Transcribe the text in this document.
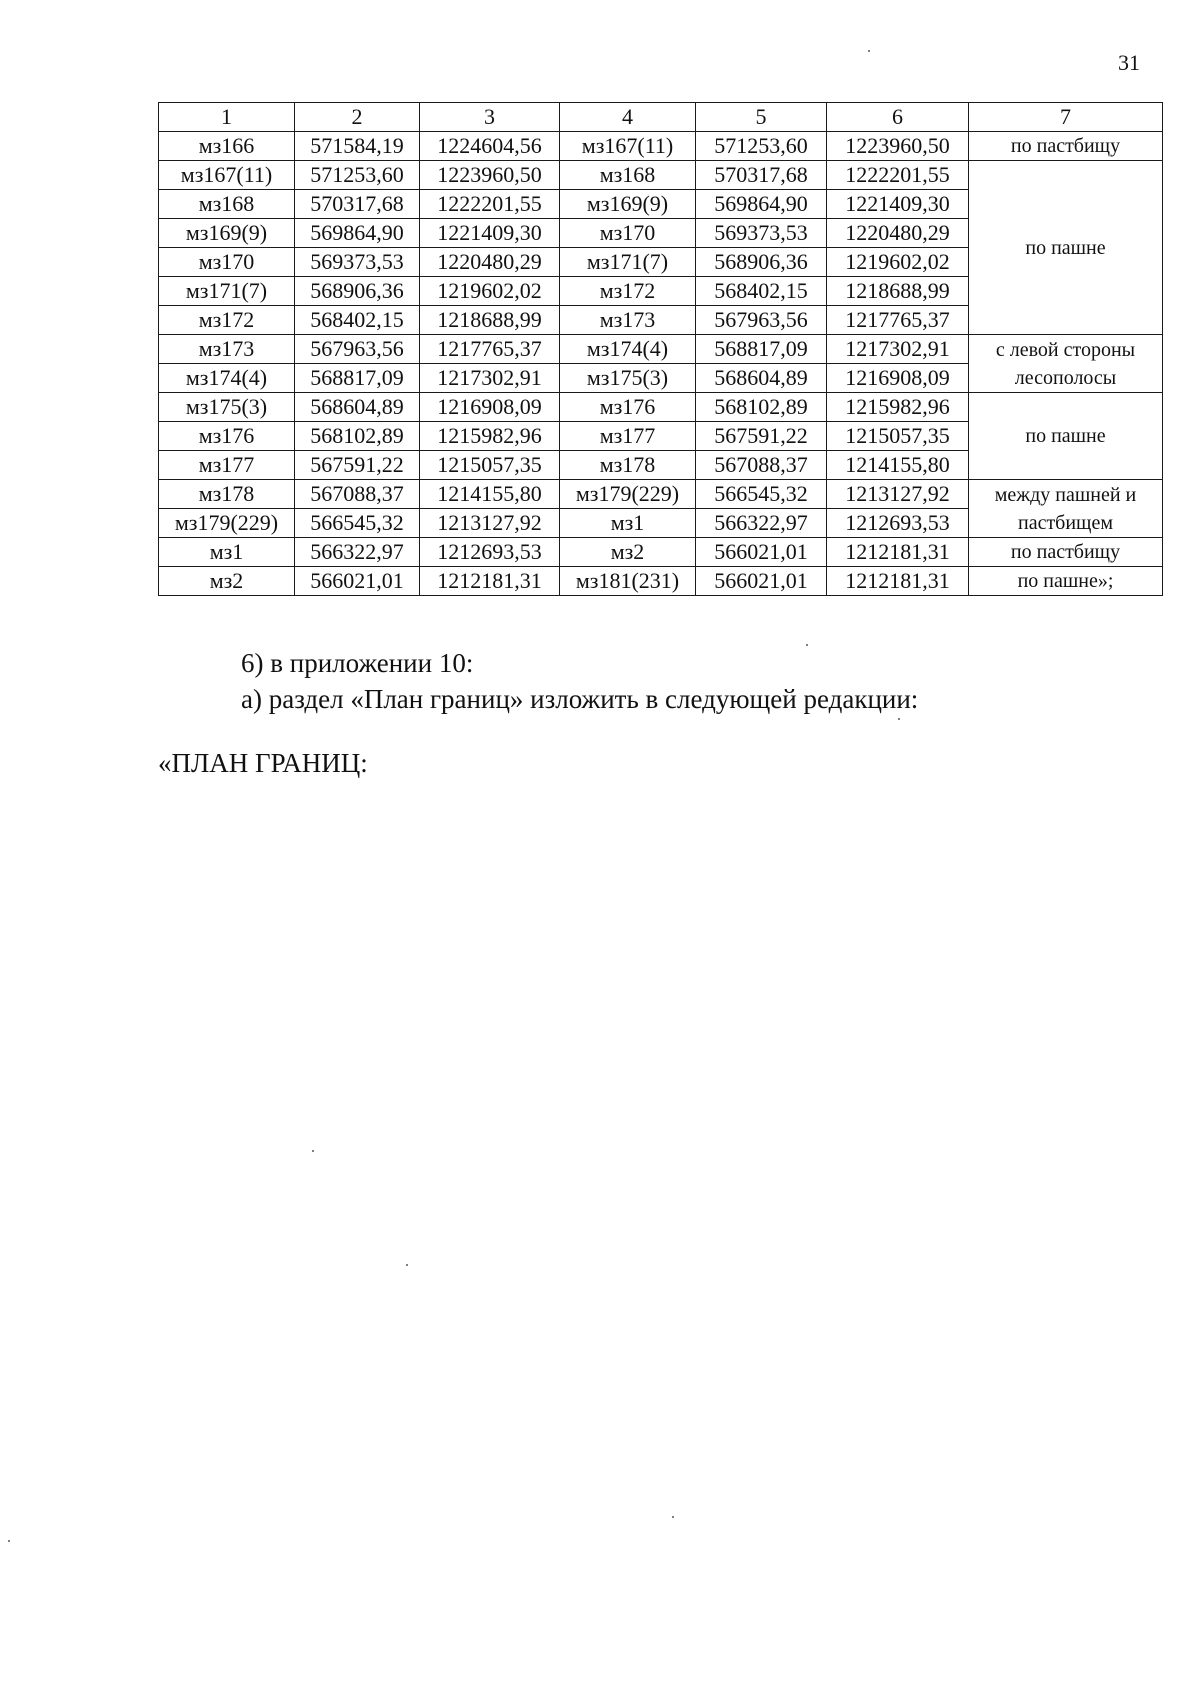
31
1	2	3	4	5	6	7
мз166	571584,19	1224604,56	мз167(11)	571253,60	1223960,50	по пастбищу
мз167(11)	571253,60	1223960,50	мз168	570317,68	1222201,55	по пашне
мз168	570317,68	1222201,55	мз169(9)	569864,90	1221409,30	
мз169(9)	569864,90	1221409,30	мз170	569373,53	1220480,29	
мз170	569373,53	1220480,29	мз171(7)	568906,36	1219602,02	
мз171(7)	568906,36	1219602,02	мз172	568402,15	1218688,99	
мз172	568402,15	1218688,99	мз173	567963,56	1217765,37	
мз173	567963,56	1217765,37	мз174(4)	568817,09	1217302,91	с левой стороны лесополосы
мз174(4)	568817,09	1217302,91	мз175(3)	568604,89	1216908,09	
мз175(3)	568604,89	1216908,09	мз176	568102,89	1215982,96	по пашне
мз176	568102,89	1215982,96	мз177	567591,22	1215057,35	
мз177	567591,22	1215057,35	мз178	567088,37	1214155,80	
мз178	567088,37	1214155,80	мз179(229)	566545,32	1213127,92	между пашней и пастбищем
мз179(229)	566545,32	1213127,92	мз1	566322,97	1212693,53	
мз1	566322,97	1212693,53	мз2	566021,01	1212181,31	по пастбищу
мз2	566021,01	1212181,31	мз181(231)	566021,01	1212181,31	по пашне»;
6) в приложении 10:
а) раздел «План границ» изложить в следующей редакции:
«ПЛАН ГРАНИЦ:
